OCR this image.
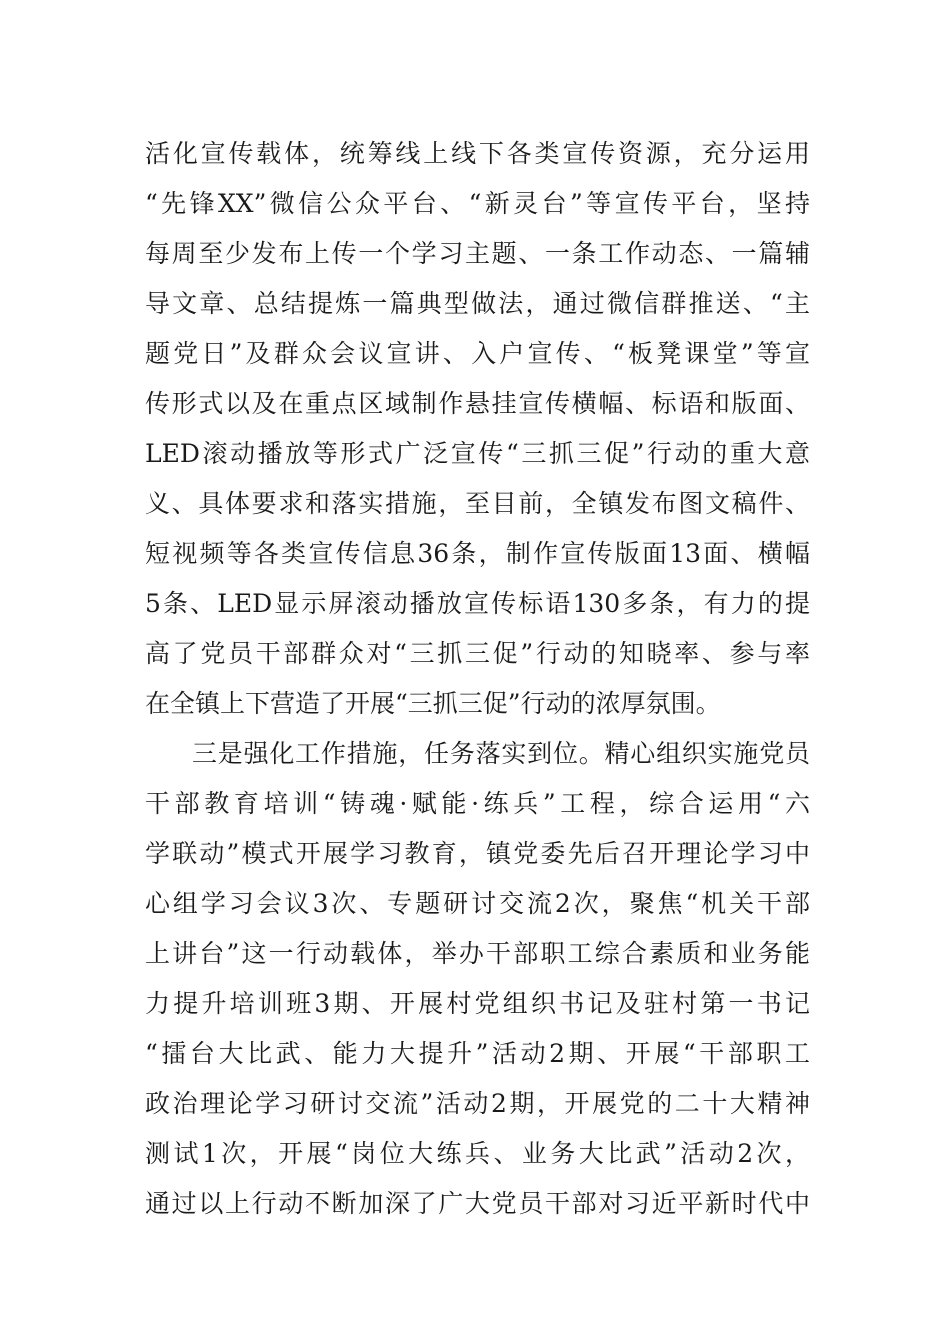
活化宣传载体，统筹线上线下各类宣传资源，充分运用
“先锋XX”微信公众平台、“新灵台”等宣传平台，坚持
每周至少发布上传一个学习主题、一条工作动态、一篇辅
导文章、总结提炼一篇典型做法，通过微信群推送、“主
题党日”及群众会议宣讲、入户宣传、“板凳课堂”等宣
传形式以及在重点区域制作悬挂宣传横幅、标语和版面、
LED滚动播放等形式广泛宣传“三抓三促”行动的重大意
义、具体要求和落实措施，至目前，全镇发布图文稿件、
短视频等各类宣传信息36条，制作宣传版面13面、横幅
5条、LED显示屏滚动播放宣传标语130多条，有力的提
高了党员干部群众对“三抓三促”行动的知晓率、参与率
在全镇上下营造了开展“三抓三促”行动的浓厚氛围。
三是强化工作措施，任务落实到位。精心组织实施党员
干部教育培训“铸魂·赋能·练兵”工程，综合运用“六
学联动”模式开展学习教育，镇党委先后召开理论学习中
心组学习会议3次、专题研讨交流2次，聚焦“机关干部
上讲台”这一行动载体，举办干部职工综合素质和业务能
力提升培训班3期、开展村党组织书记及驻村第一书记
“擂台大比武、能力大提升”活动2期、开展“干部职工
政治理论学习研讨交流”活动2期，开展党的二十大精神
测试1次，开展“岗位大练兵、业务大比武”活动2次，
通过以上行动不断加深了广大党员干部对习近平新时代中
